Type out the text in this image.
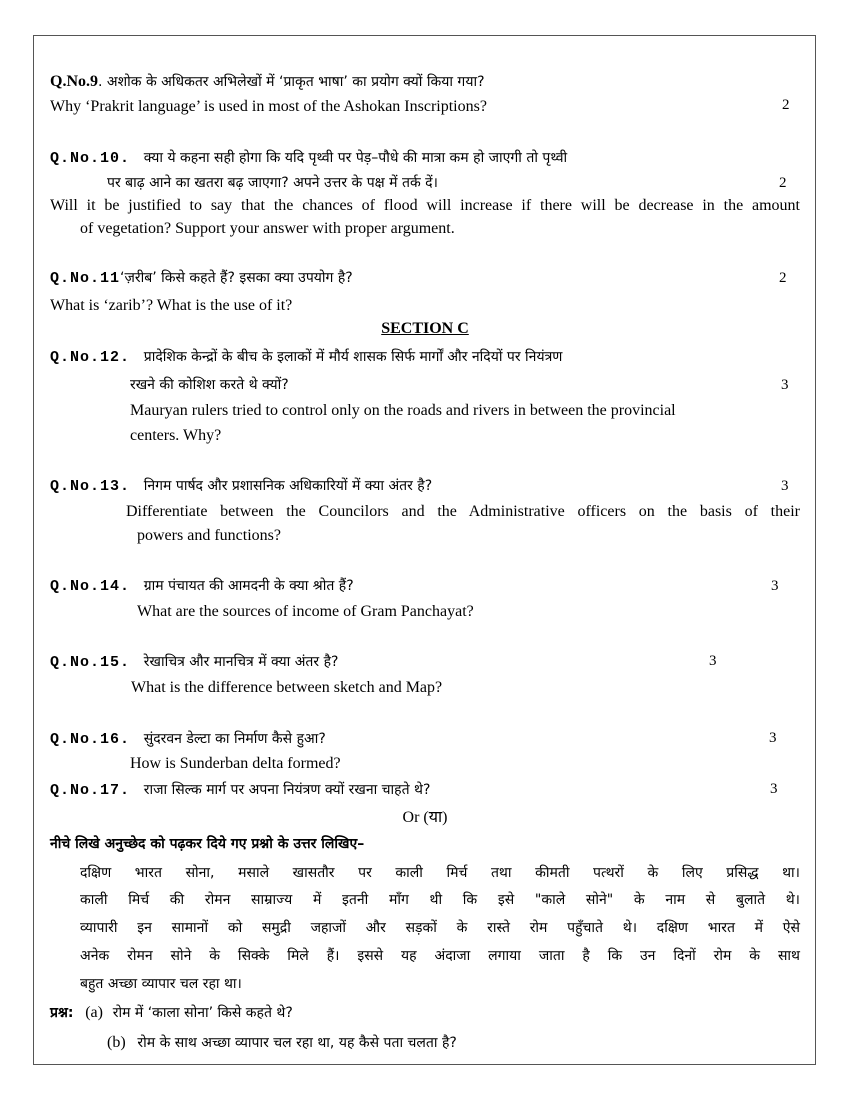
Q.No.9. अशोक के अधिकतर अभिलेखों में ‘प्राकृत भाषा’ का प्रयोग क्यों किया गया?
Why ‘Prakrit language’ is used in most of the Ashokan Inscriptions?	2
Q.No.10. क्या ये कहना सही होगा कि यदि पृथ्वी पर पेड़–पौधे की मात्रा कम हो जाएगी तो पृथ्वी
पर बाढ़ आने का खतरा बढ़ जाएगा? अपने उत्तर के पक्ष में तर्क दें।	2
Will it be justified to say that the chances of flood will increase if there will be decrease in the amount
of vegetation? Support your answer with proper argument.
Q.No.11‘ज़रीब’ किसे कहते हैं? इसका क्या उपयोग है?	2
What is ‘zarib’? What is the use of it?
SECTION C
Q.No.12. प्रादेशिक केन्द्रों के बीच के इलाकों में मौर्य शासक सिर्फ मार्गों और नदियों पर नियंत्रण
रखने की कोशिश करते थे क्यों?	3
Mauryan rulers tried to control only on the roads and rivers in between the provincial
centers. Why?
Q.No.13. निगम पार्षद और प्रशासनिक अधिकारियों में क्या अंतर है?	3
Differentiate between the Councilors and the Administrative officers on the basis of their
powers and functions?
Q.No.14. ग्राम पंचायत की आमदनी के क्या श्रोत हैं?	3
What are the sources of income of Gram Panchayat?
Q.No.15. रेखाचित्र और मानचित्र में क्या अंतर है?	3
What is the difference between sketch and Map?
Q.No.16. सुंदरवन डेल्टा का निर्माण कैसे हुआ?	3
How is Sunderban delta formed?
Q.No.17. राजा सिल्क मार्ग पर अपना नियंत्रण क्यों रखना चाहते थे?	3
Or (या)
नीचे लिखे अनुच्छेद को पढ़कर दिये गए प्रश्नो के उत्तर लिखिए–
दक्षिण भारत सोना, मसाले खासतौर पर काली मिर्च तथा कीमती पत्थरों के लिए प्रसिद्ध था।
काली मिर्च की रोमन साम्राज्य में इतनी माँग थी कि इसे "काले सोने" के नाम से बुलाते थे।
व्यापारी इन सामानों को समुद्री जहाजों और सड़कों के रास्ते रोम पहुँचाते थे। दक्षिण भारत में ऐसे
अनेक रोमन सोने के सिक्के मिले हैं। इससे यह अंदाजा लगाया जाता है कि उन दिनों रोम के साथ
बहुत अच्छा व्यापार चल रहा था।
प्रश्न: (a) रोम में ‘काला सोना’ किसे कहते थे?
(b) रोम के साथ अच्छा व्यापार चल रहा था, यह कैसे पता चलता है?
